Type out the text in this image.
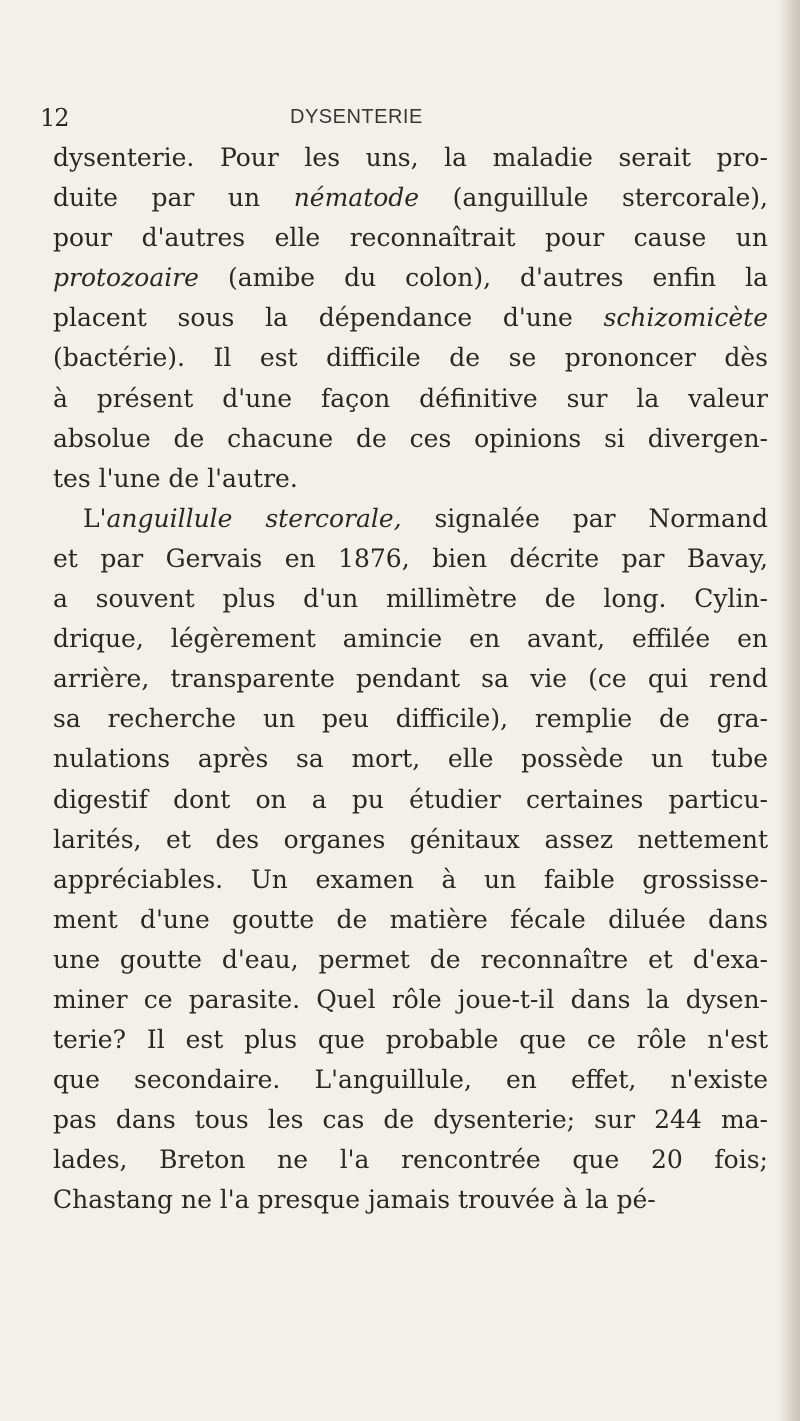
12	DYSENTERIE
dysenterie. Pour les uns, la maladie serait pro-
duite par un nématode (anguillule stercorale),
pour d'autres elle reconnaîtrait pour cause un
protozoaire (amibe du colon), d'autres enfin la
placent sous la dépendance d'une schizomicète
(bactérie). Il est difficile de se prononcer dès
à présent d'une façon définitive sur la valeur
absolue de chacune de ces opinions si divergen-
tes l'une de l'autre.
L'anguillule stercorale, signalée par Normand
et par Gervais en 1876, bien décrite par Bavay,
a souvent plus d'un millimètre de long. Cylin-
drique, légèrement amincie en avant, effilée en
arrière, transparente pendant sa vie (ce qui rend
sa recherche un peu difficile), remplie de gra-
nulations après sa mort, elle possède un tube
digestif dont on a pu étudier certaines particu-
larités, et des organes génitaux assez nettement
appréciables. Un examen à un faible grossisse-
ment d'une goutte de matière fécale diluée dans
une goutte d'eau, permet de reconnaître et d'exa-
miner ce parasite. Quel rôle joue-t-il dans la dysen-
terie? Il est plus que probable que ce rôle n'est
que secondaire. L'anguillule, en effet, n'existe
pas dans tous les cas de dysenterie; sur 244 ma-
lades, Breton ne l'a rencontrée que 20 fois;
Chastang ne l'a presque jamais trouvée à la pé-
